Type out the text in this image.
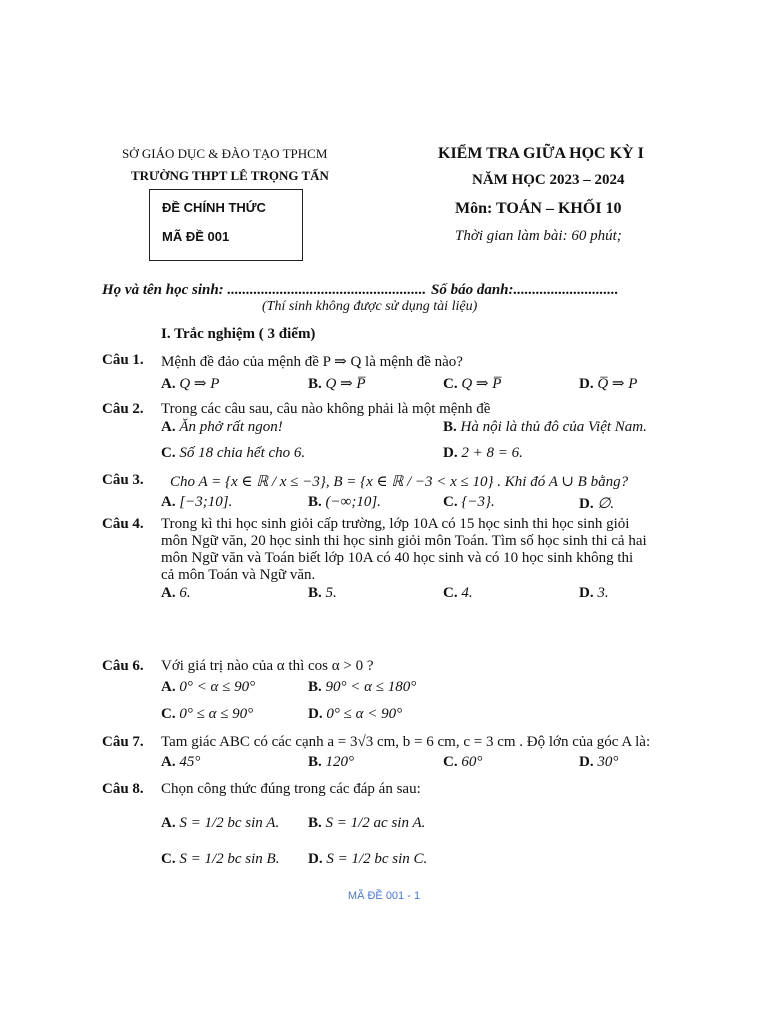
SỞ GIÁO DỤC & ĐÀO TẠO TPHCM
TRƯỜNG THPT LÊ TRỌNG TẤN
KIỂM TRA GIỮA HỌC KỲ I
NĂM HỌC 2023 – 2024
Môn: TOÁN – KHỐI 10
Thời gian làm bài: 60 phút;
ĐỀ CHÍNH THỨC
MÃ ĐỀ 001
Họ và tên học sinh: ..................................................... Số báo danh:............................
(Thí sinh không được sử dụng tài liệu)
I. Trắc nghiệm ( 3 điểm)
Câu 1. Mệnh đề đảo của mệnh đề P ⇒ Q là mệnh đề nào?
A. Q ⇒ P	B. Q ⇒ P̅	C. Q ⇒ P̅	D. Q̅ ⇒ P
Câu 2. Trong các câu sau, câu nào không phải là một mệnh đề
A. Ăn phở rất ngon!	B. Hà nội là thủ đô của Việt Nam.
C. Số 18 chia hết cho 6.	D. 2 + 8 = 6.
Câu 3. Cho A = {x ∈ ℝ / x ≤ −3}, B = {x ∈ ℝ / −3 < x ≤ 10} . Khi đó A ∪ B bằng?
A. [−3;10].	B. (−∞;10].	C. {−3}.	D. ∅.
Câu 4. Trong kì thi học sinh giỏi cấp trường, lớp 10A có 15 học sinh thi học sinh giỏi
môn Ngữ văn, 20 học sinh thi học sinh giỏi môn Toán. Tìm số học sinh thi cả hai
môn Ngữ văn và Toán biết lớp 10A có 40 học sinh và có 10 học sinh không thi
cả môn Toán và Ngữ văn.
A. 6.	B. 5.	C. 4.	D. 3.
Câu 6. Với giá trị nào của α thì cos α > 0 ?
A. 0° < α ≤ 90°	B. 90° < α ≤ 180°
C. 0° ≤ α ≤ 90°	D. 0° ≤ α < 90°
Câu 7. Tam giác ABC có các cạnh a = 3√3 cm, b = 6 cm, c = 3 cm . Độ lớn của góc A là:
A. 45°	B. 120°	C. 60°	D. 30°
Câu 8. Chọn công thức đúng trong các đáp án sau:
A. S = 1/2 bc sin A. B. S = 1/2 ac sin A.
C. S = 1/2 bc sin B. D. S = 1/2 bc sin C.
MÃ ĐỀ 001 - 1
